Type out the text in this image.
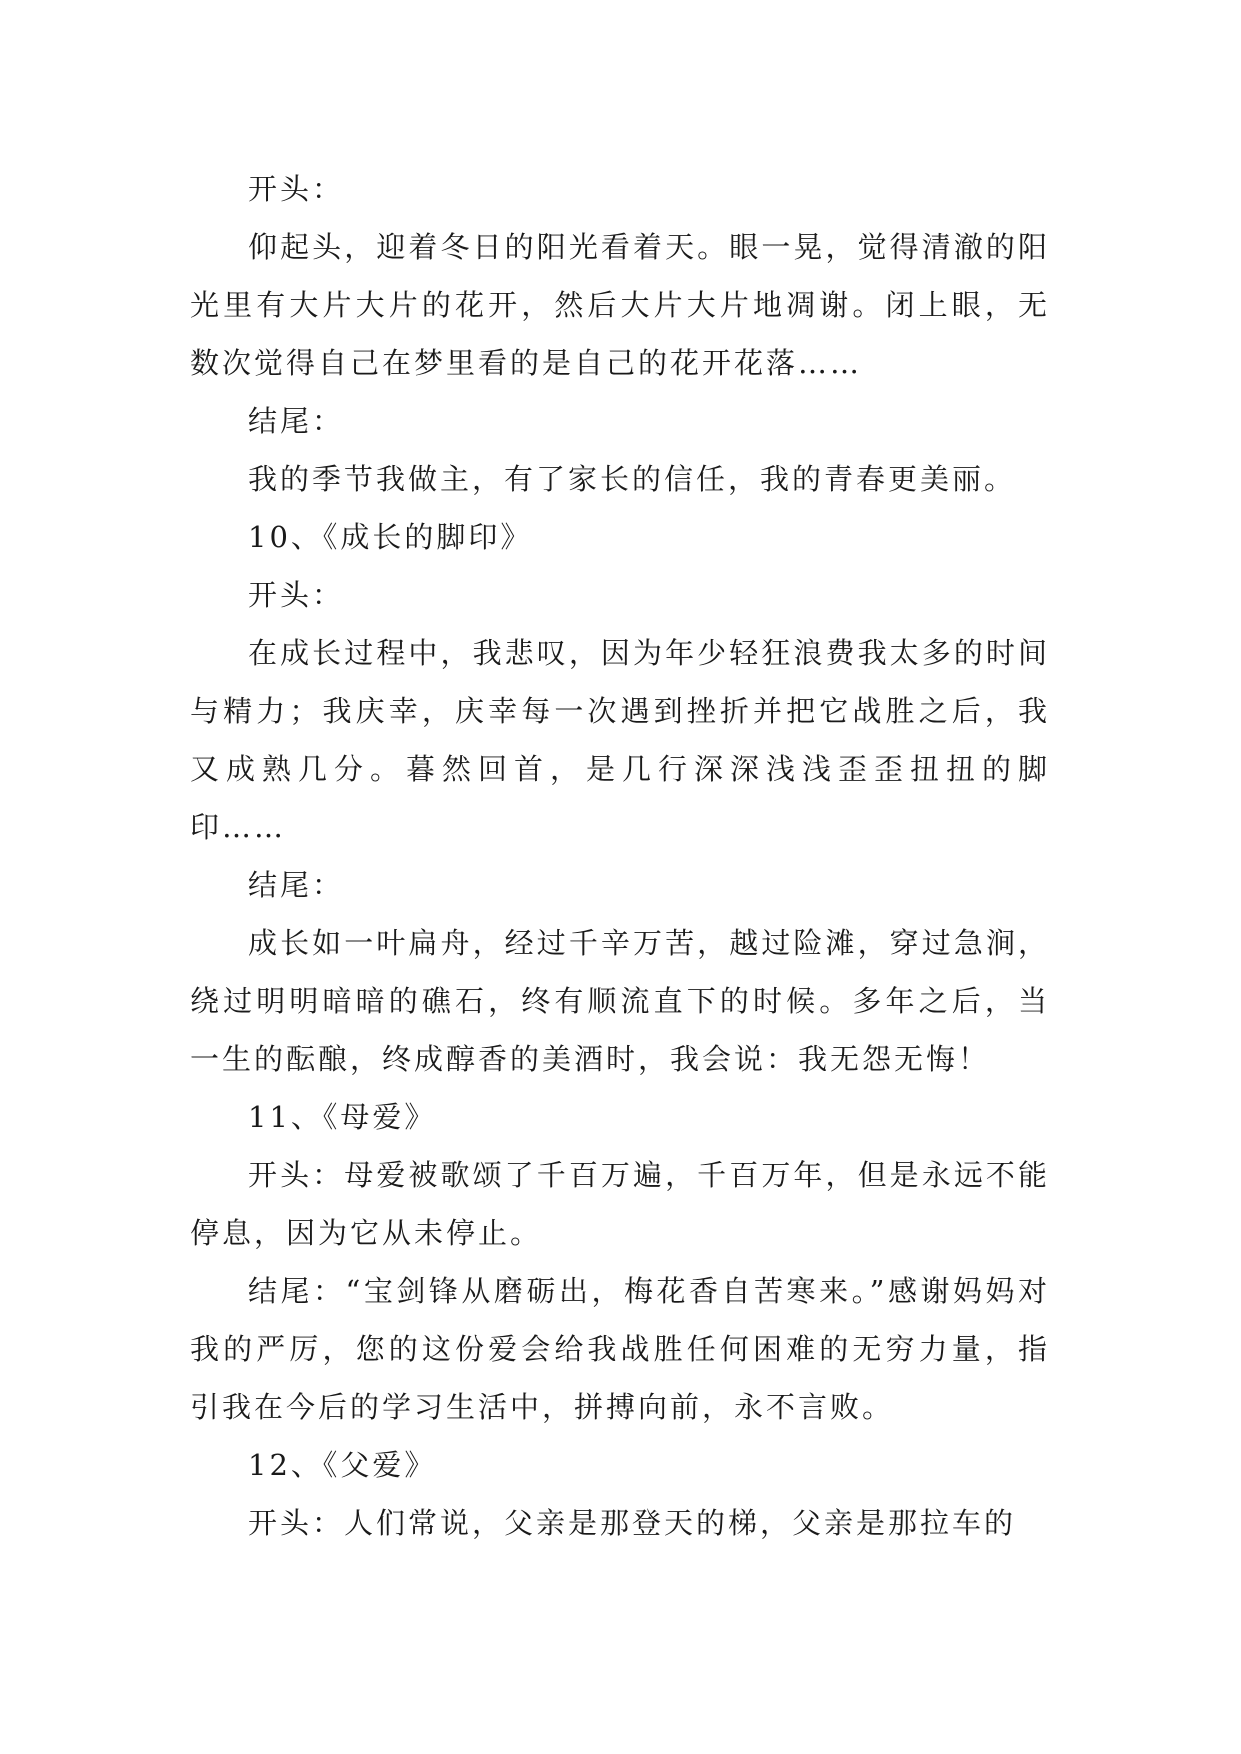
开头：

仰起头，迎着冬日的阳光看着天。眼一晃，觉得清澈的阳光里有大片大片的花开，然后大片大片地凋谢。闭上眼，无数次觉得自己在梦里看的是自己的花开花落……

结尾：

我的季节我做主，有了家长的信任，我的青春更美丽。

10、《成长的脚印》

开头：

在成长过程中，我悲叹，因为年少轻狂浪费我太多的时间与精力；我庆幸，庆幸每一次遇到挫折并把它战胜之后，我又成熟几分。暮然回首，是几行深深浅浅歪歪扭扭的脚印……

结尾：

成长如一叶扁舟，经过千辛万苦，越过险滩，穿过急涧，绕过明明暗暗的礁石，终有顺流直下的时候。多年之后，当一生的酝酿，终成醇香的美酒时，我会说：我无怨无悔！

11、《母爱》

开头：母爱被歌颂了千百万遍，千百万年，但是永远不能停息，因为它从未停止。

结尾：“宝剑锋从磨砺出，梅花香自苦寒来。”感谢妈妈对我的严厉，您的这份爱会给我战胜任何困难的无穷力量，指引我在今后的学习生活中，拼搏向前，永不言败。

12、《父爱》

开头：人们常说，父亲是那登天的梯，父亲是那拉车的
